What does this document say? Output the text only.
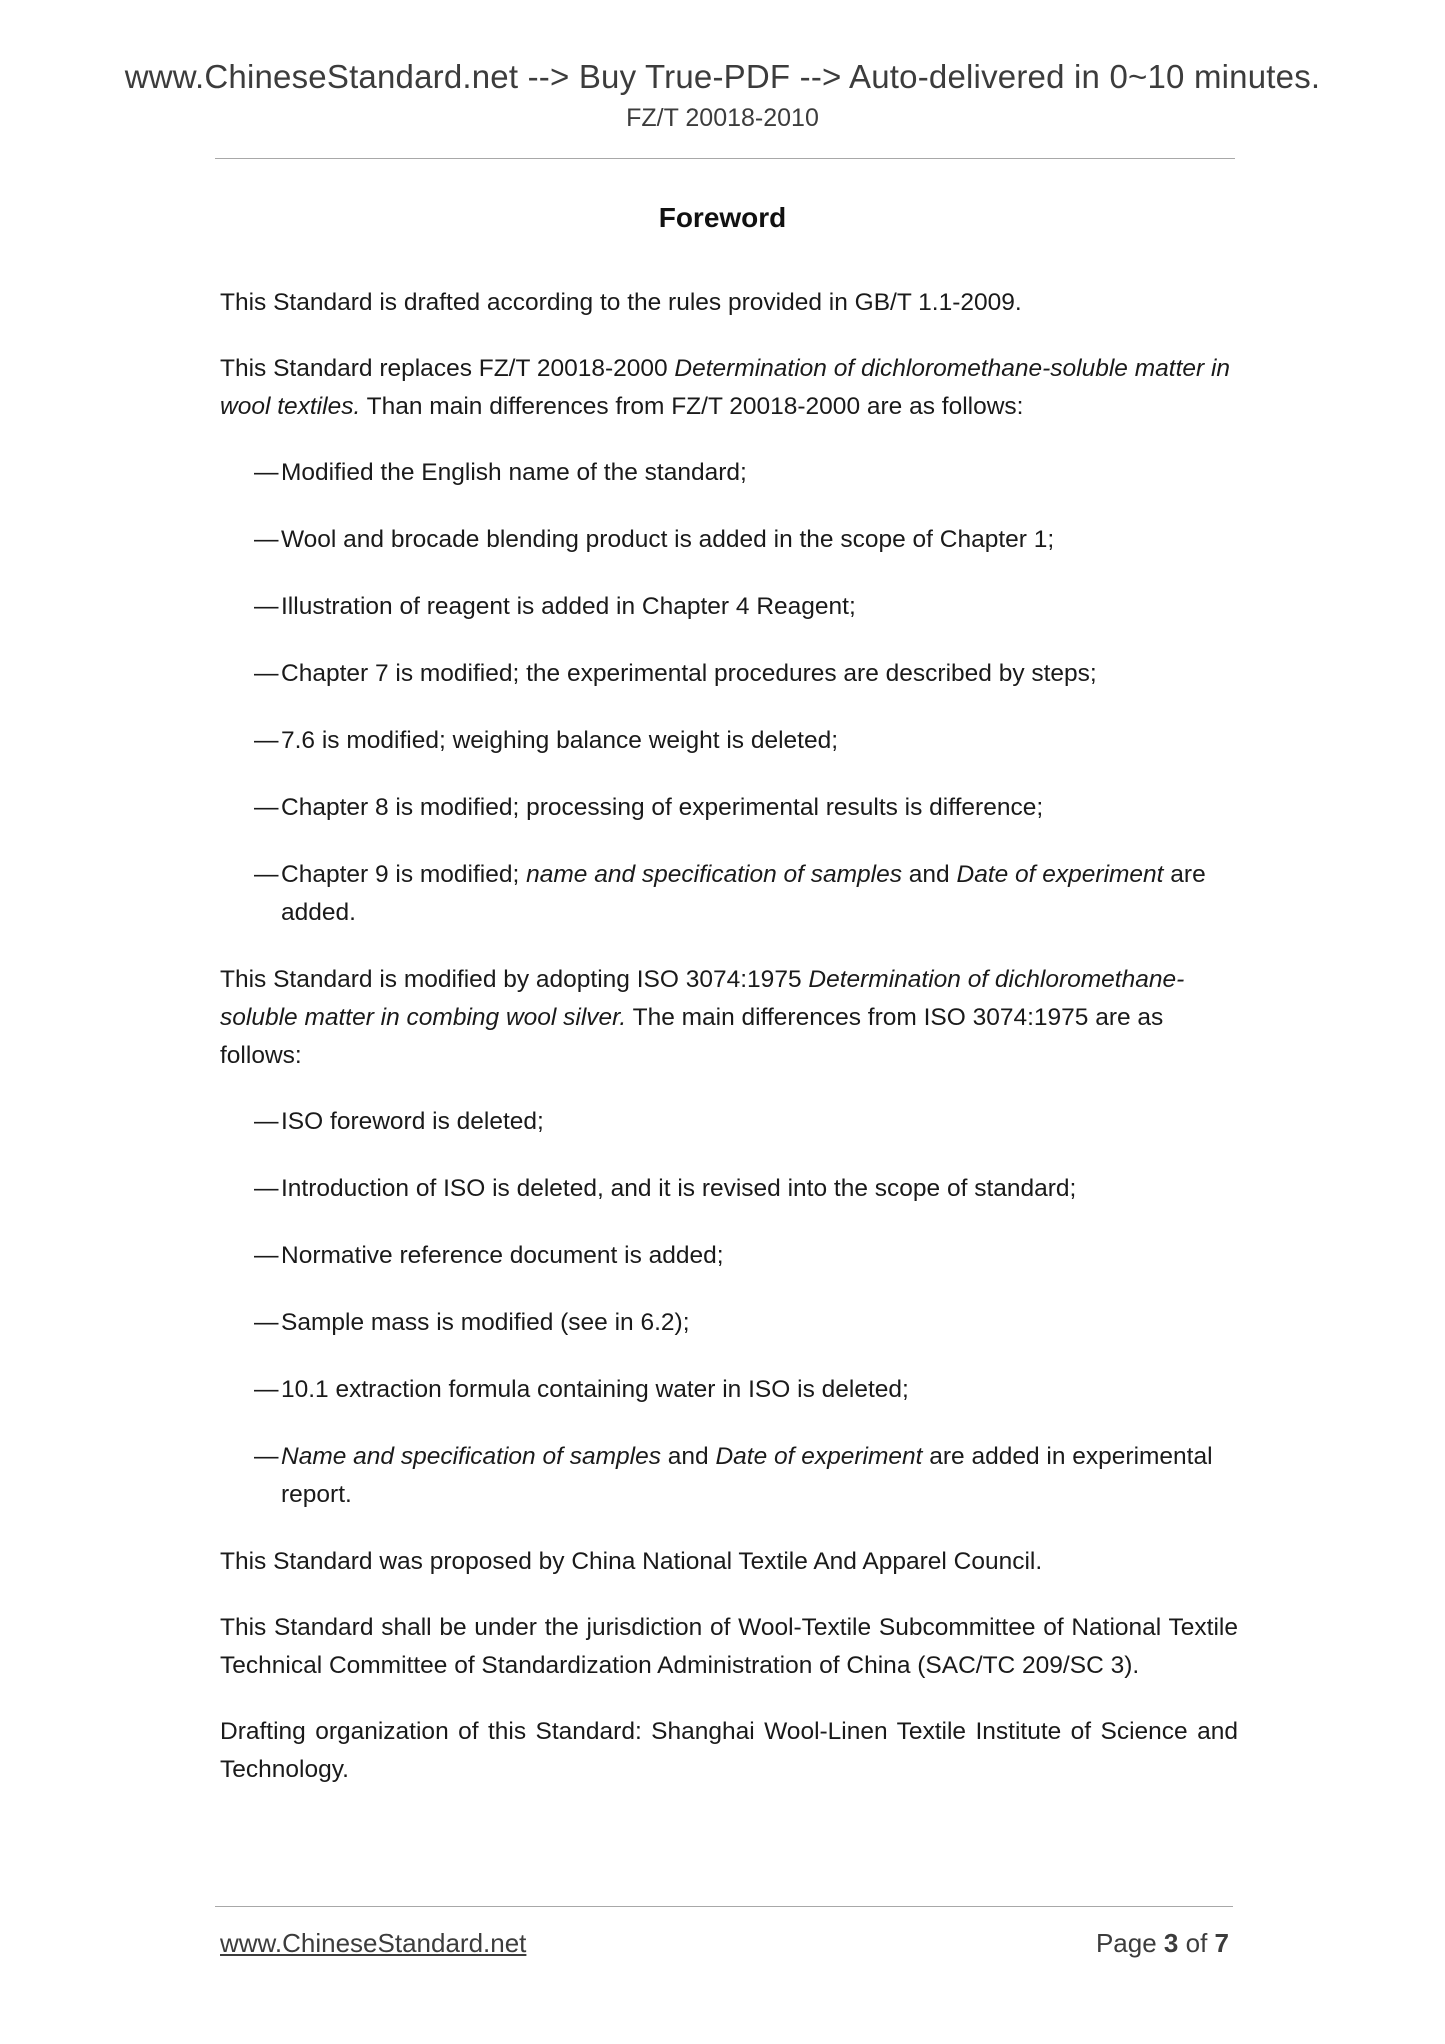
www.ChineseStandard.net --> Buy True-PDF --> Auto-delivered in 0~10 minutes.
FZ/T 20018-2010
Foreword

This Standard is drafted according to the rules provided in GB/T 1.1-2009.

This Standard replaces FZ/T 20018-2000 Determination of dichloromethane-soluble matter in wool textiles. Than main differences from FZ/T 20018-2000 are as follows:

— Modified the English name of the standard;
— Wool and brocade blending product is added in the scope of Chapter 1;
— Illustration of reagent is added in Chapter 4 Reagent;
— Chapter 7 is modified; the experimental procedures are described by steps;
— 7.6 is modified; weighing balance weight is deleted;
— Chapter 8 is modified; processing of experimental results is difference;
— Chapter 9 is modified; name and specification of samples and Date of experiment are added.

This Standard is modified by adopting ISO 3074:1975 Determination of dichloromethane-soluble matter in combing wool silver. The main differences from ISO 3074:1975 are as follows:

— ISO foreword is deleted;
— Introduction of ISO is deleted, and it is revised into the scope of standard;
— Normative reference document is added;
— Sample mass is modified (see in 6.2);
— 10.1 extraction formula containing water in ISO is deleted;
— Name and specification of samples and Date of experiment are added in experimental report.

This Standard was proposed by China National Textile And Apparel Council.

This Standard shall be under the jurisdiction of Wool-Textile Subcommittee of National Textile Technical Committee of Standardization Administration of China (SAC/TC 209/SC 3).

Drafting organization of this Standard: Shanghai Wool-Linen Textile Institute of Science and Technology.

www.ChineseStandard.net	Page 3 of 7
